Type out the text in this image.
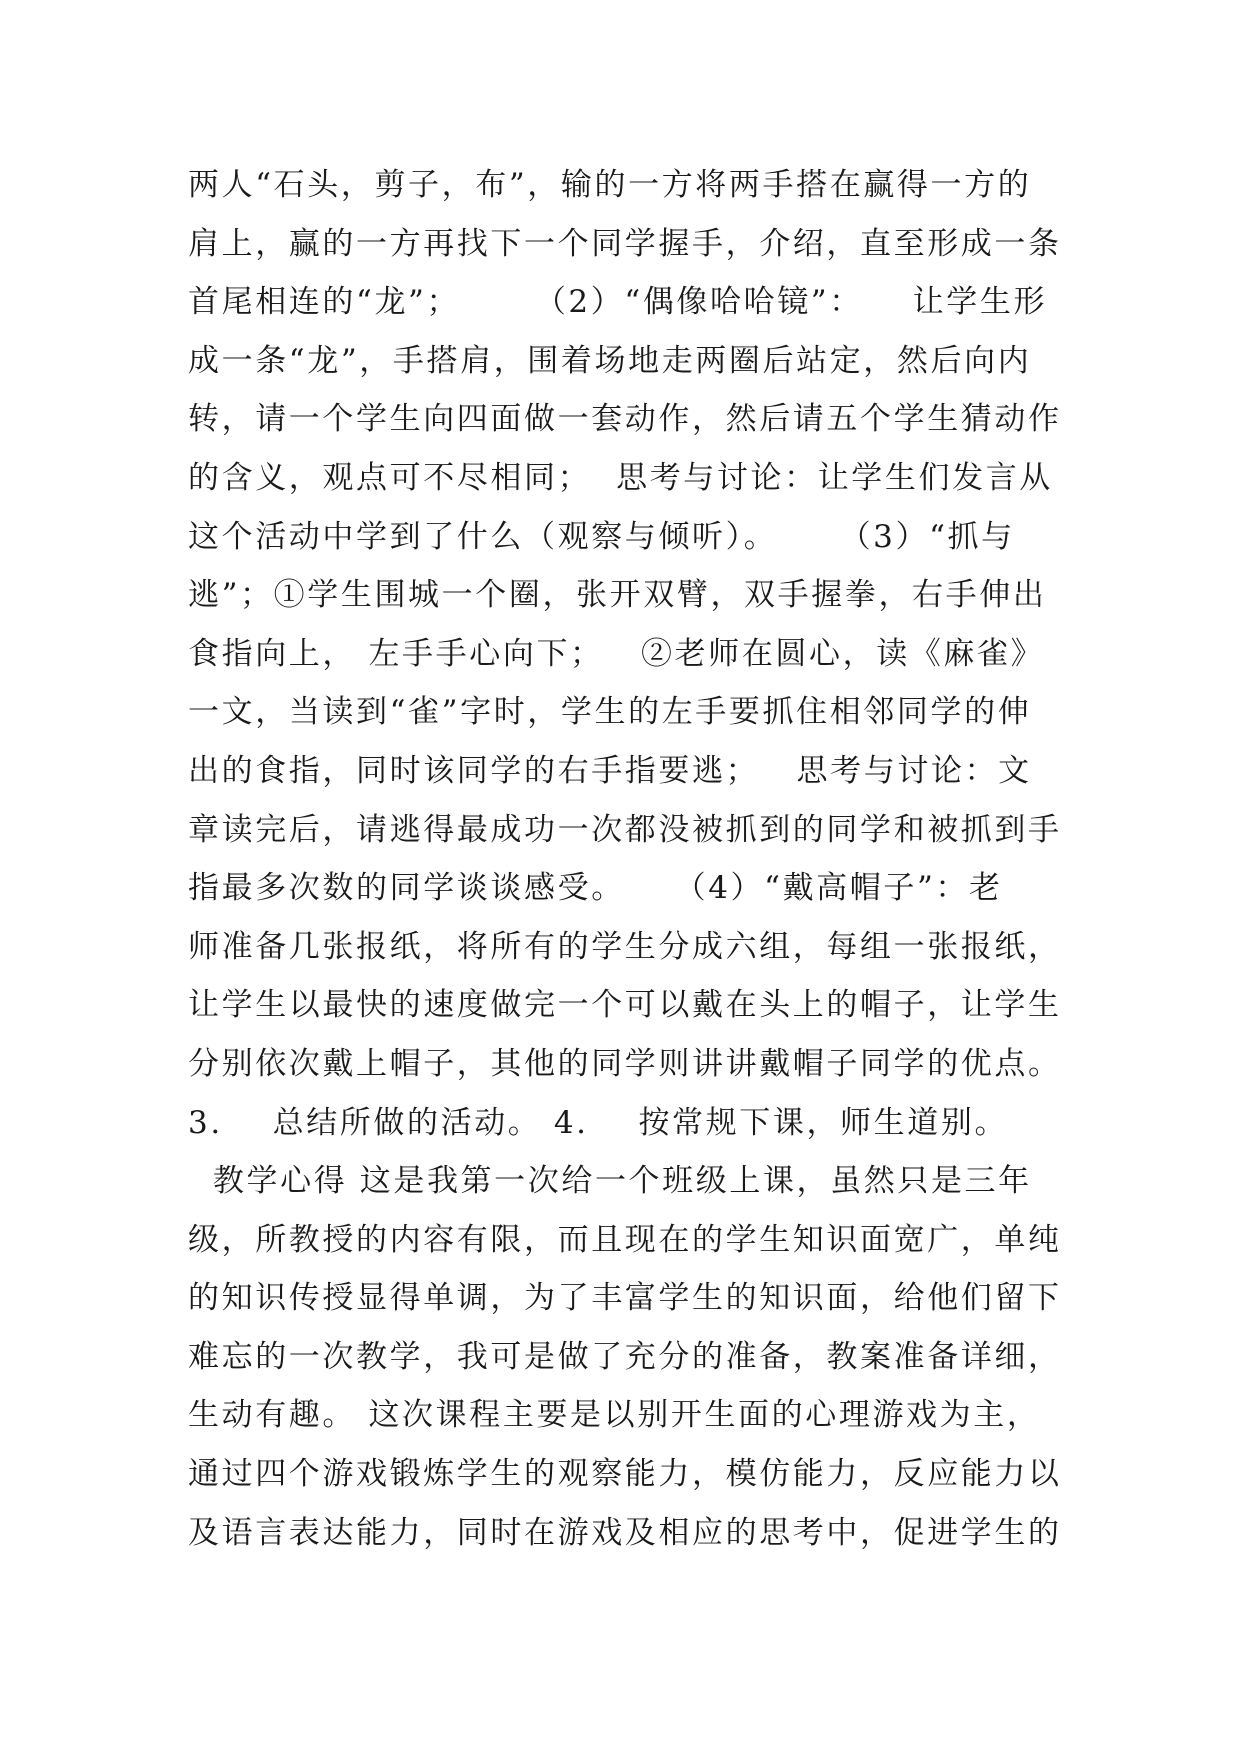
两人“石头，剪子，布”，输的一方将两手搭在赢得一方的
肩上，赢的一方再找下一个同学握手，介绍，直至形成一条
首尾相连的“龙”；      （2）“偶像哈哈镜”：    让学生形
成一条“龙”，手搭肩，围着场地走两圈后站定，然后向内
转，请一个学生向四面做一套动作，然后请五个学生猜动作
的含义，观点可不尽相同；  思考与讨论：让学生们发言从
这个活动中学到了什么（观察与倾听）。     （3）“抓与
逃”；①学生围城一个圈，张开双臂，双手握拳，右手伸出
食指向上， 左手手心向下；   ②老师在圆心，读《麻雀》
一文，当读到“雀”字时，学生的左手要抓住相邻同学的伸
出的食指，同时该同学的右手指要逃；   思考与讨论：文
章读完后，请逃得最成功一次都没被抓到的同学和被抓到手
指最多次数的同学谈谈感受。    （4）“戴高帽子”：老
师准备几张报纸，将所有的学生分成六组，每组一张报纸，
让学生以最快的速度做完一个可以戴在头上的帽子，让学生
分别依次戴上帽子，其他的同学则讲讲戴帽子同学的优点。
3.    总结所做的活动。 4.    按常规下课，师生道别。
教学心得 这是我第一次给一个班级上课，虽然只是三年
级，所教授的内容有限，而且现在的学生知识面宽广，单纯
的知识传授显得单调，为了丰富学生的知识面，给他们留下
难忘的一次教学，我可是做了充分的准备，教案准备详细，
生动有趣。 这次课程主要是以别开生面的心理游戏为主，
通过四个游戏锻炼学生的观察能力，模仿能力，反应能力以
及语言表达能力，同时在游戏及相应的思考中，促进学生的
